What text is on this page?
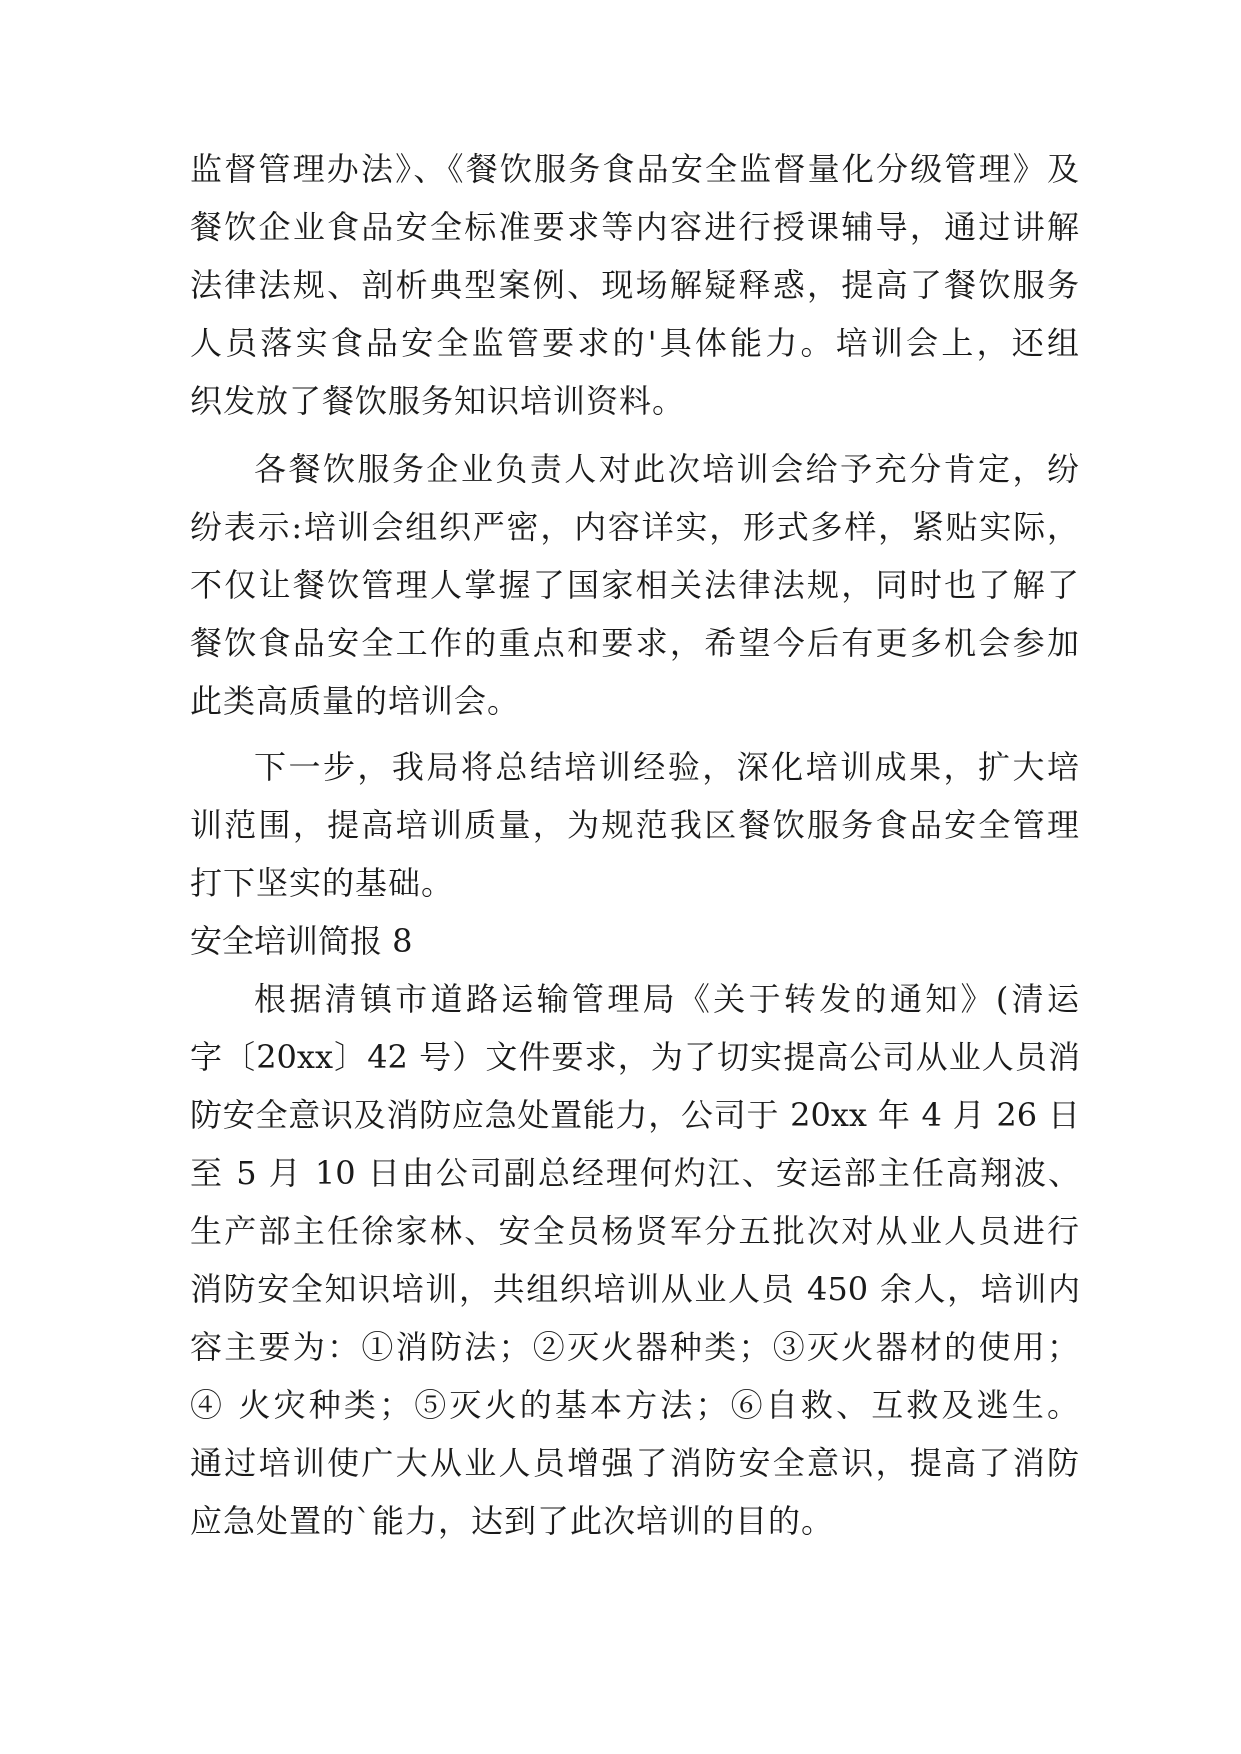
监督管理办法》、《餐饮服务食品安全监督量化分级管理》及
餐饮企业食品安全标准要求等内容进行授课辅导，通过讲解
法律法规、剖析典型案例、现场解疑释惑，提高了餐饮服务
人员落实食品安全监管要求的'具体能力。培训会上，还组
织发放了餐饮服务知识培训资料。
各餐饮服务企业负责人对此次培训会给予充分肯定，纷
纷表示:培训会组织严密，内容详实，形式多样，紧贴实际，
不仅让餐饮管理人掌握了国家相关法律法规，同时也了解了
餐饮食品安全工作的重点和要求，希望今后有更多机会参加
此类高质量的培训会。
下一步，我局将总结培训经验，深化培训成果，扩大培
训范围，提高培训质量，为规范我区餐饮服务食品安全管理
打下坚实的基础。
安全培训简报 8
根据清镇市道路运输管理局《关于转发的通知》(清运
字〔20xx〕42 号）文件要求，为了切实提高公司从业人员消
防安全意识及消防应急处置能力，公司于 20xx 年 4 月 26 日
至 5 月 10 日由公司副总经理何灼江、安运部主任高翔波、
生产部主任徐家林、安全员杨贤军分五批次对从业人员进行
消防安全知识培训，共组织培训从业人员 450 余人，培训内
容主要为：①消防法；②灭火器种类；③灭火器材的使用；
④ 火灾种类；⑤灭火的基本方法；⑥自救、互救及逃生。
通过培训使广大从业人员增强了消防安全意识，提高了消防
应急处置的`能力，达到了此次培训的目的。
